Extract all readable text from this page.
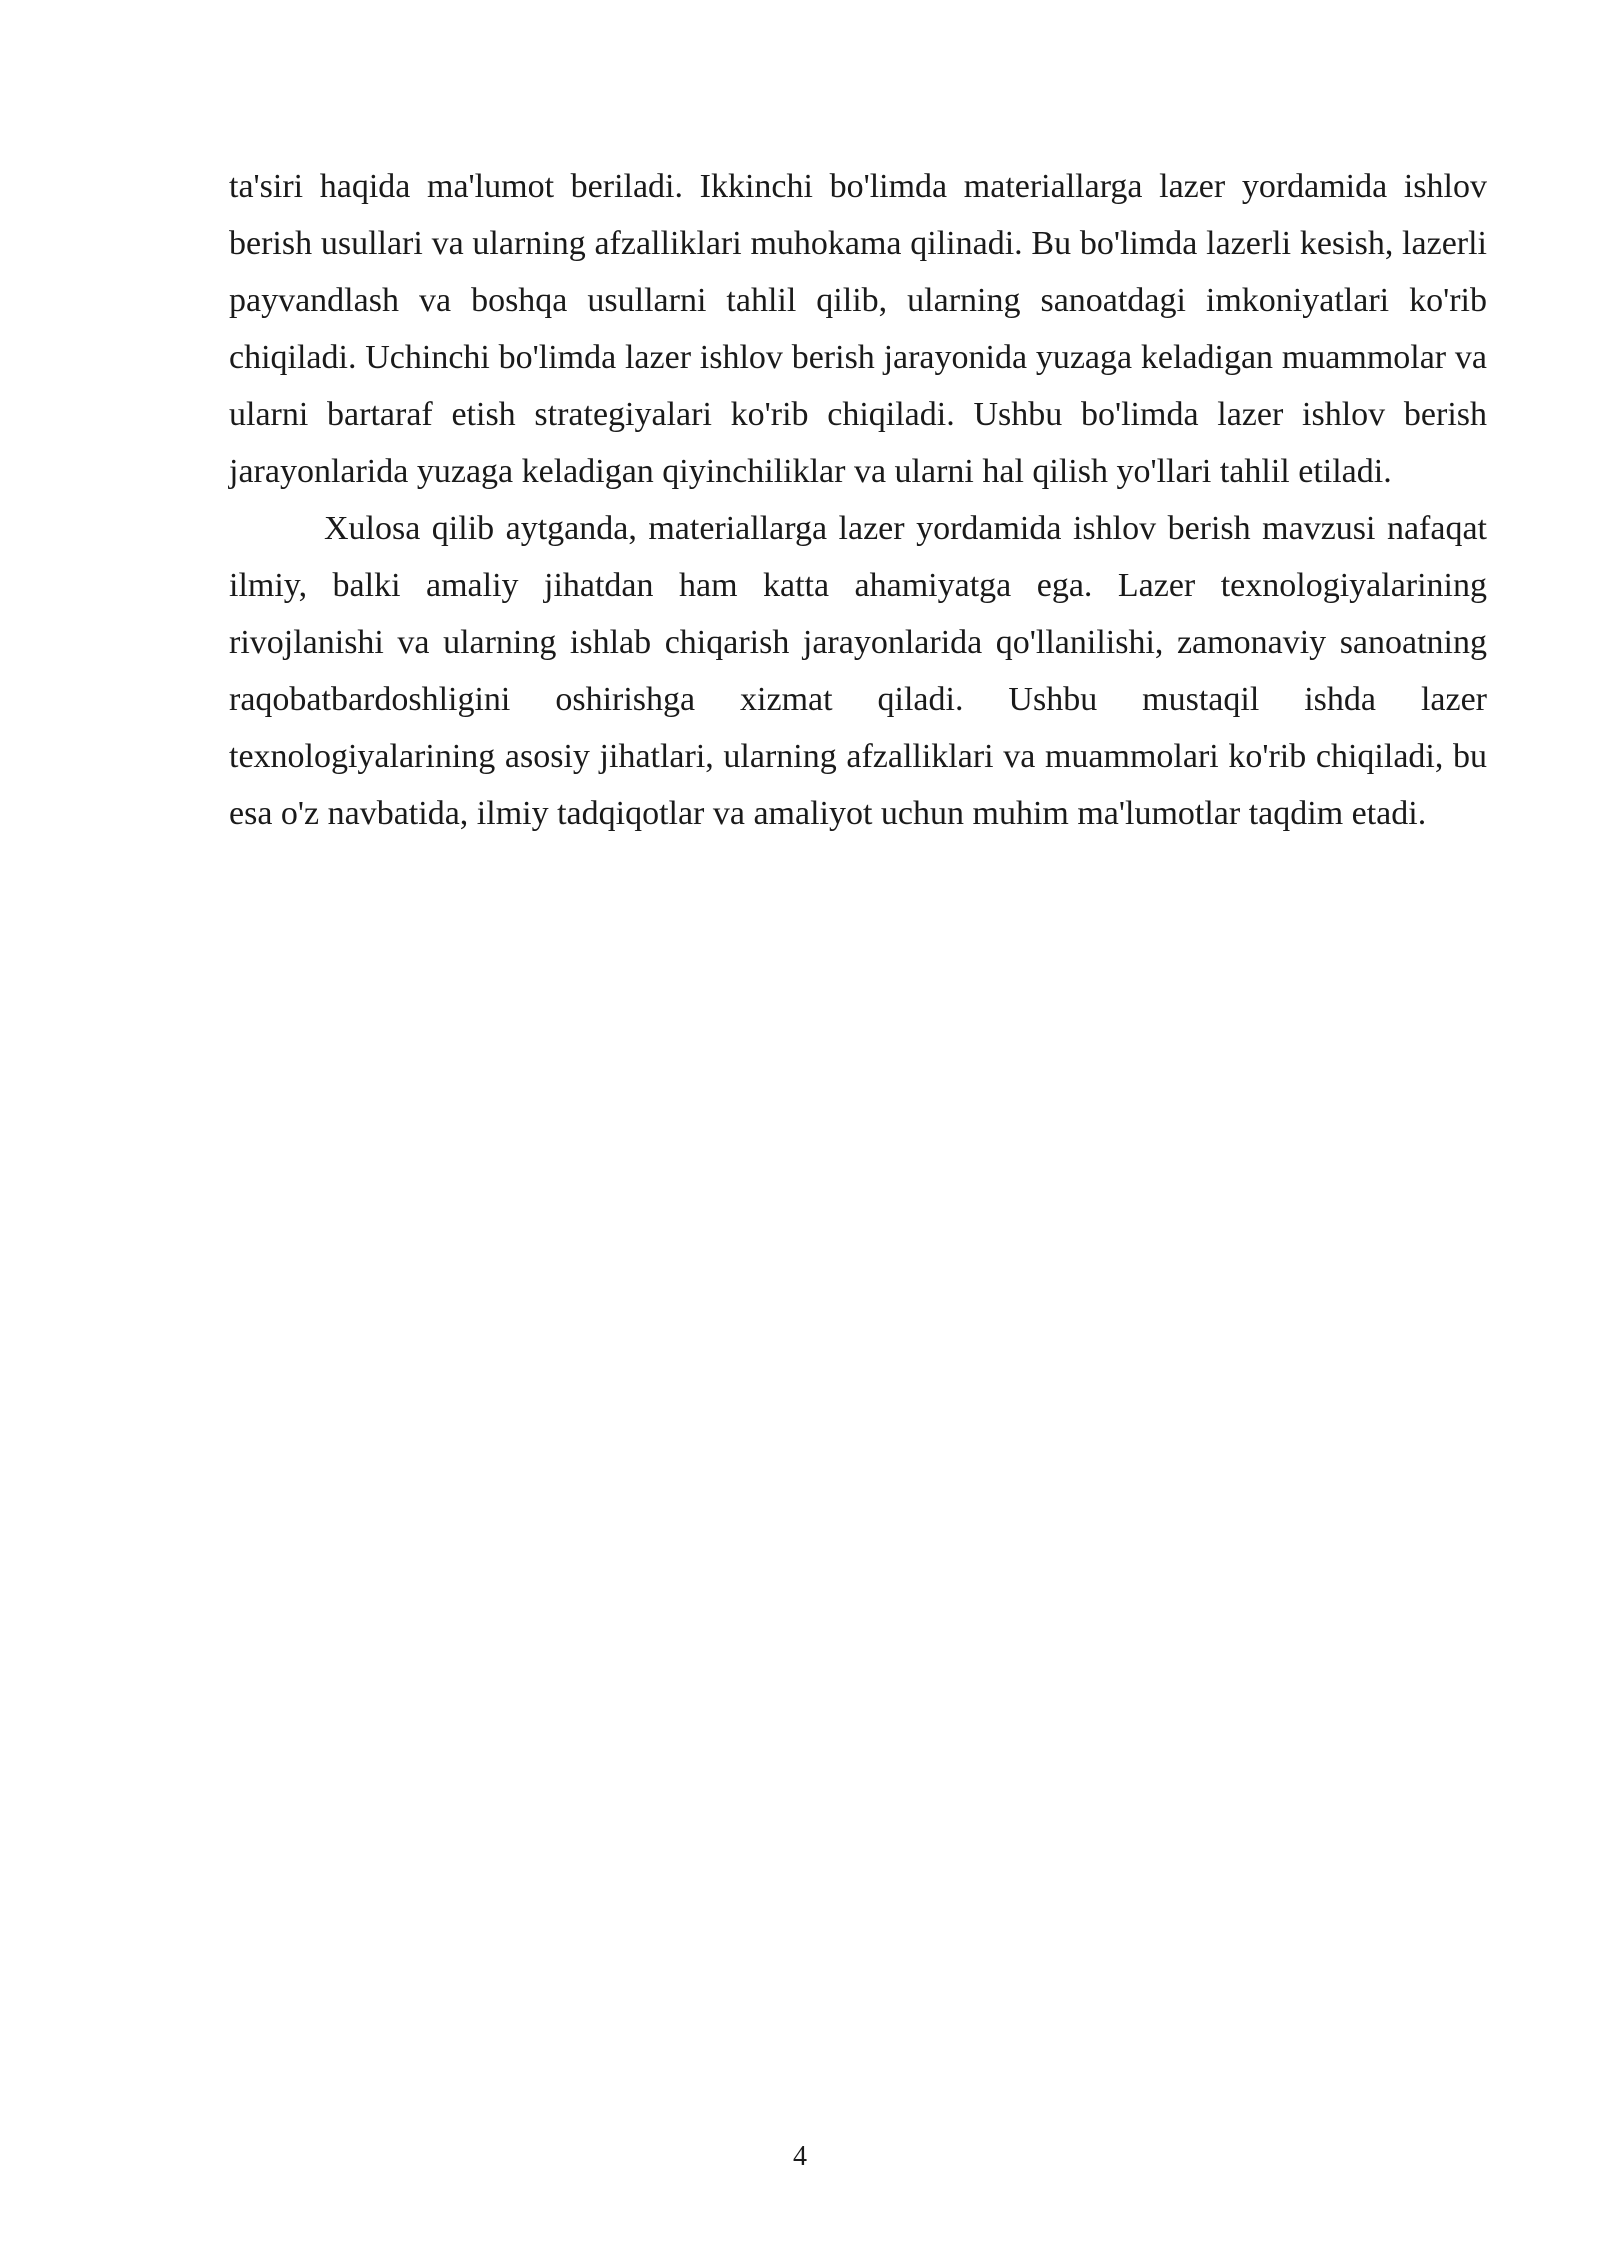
ta'siri haqida ma'lumot beriladi. Ikkinchi bo'limda materiallarga lazer yordamida ishlov berish usullari va ularning afzalliklari muhokama qilinadi. Bu bo'limda lazerli kesish, lazerli payvandlash va boshqa usullarni tahlil qilib, ularning sanoatdagi imkoniyatlari ko'rib chiqiladi. Uchinchi bo'limda lazer ishlov berish jarayonida yuzaga keladigan muammolar va ularni bartaraf etish strategiyalari ko'rib chiqiladi. Ushbu bo'limda lazer ishlov berish jarayonlarida yuzaga keladigan qiyinchiliklar va ularni hal qilish yo'llari tahlil etiladi.

Xulosa qilib aytganda, materiallarga lazer yordamida ishlov berish mavzusi nafaqat ilmiy, balki amaliy jihatdan ham katta ahamiyatga ega. Lazer texnologiyalarining rivojlanishi va ularning ishlab chiqarish jarayonlarida qo'llanilishi, zamonaviy sanoatning raqobatbardoshligini oshirishga xizmat qiladi. Ushbu mustaqil ishda lazer texnologiyalarining asosiy jihatlari, ularning afzalliklari va muammolari ko'rib chiqiladi, bu esa o'z navbatida, ilmiy tadqiqotlar va amaliyot uchun muhim ma'lumotlar taqdim etadi.

4
